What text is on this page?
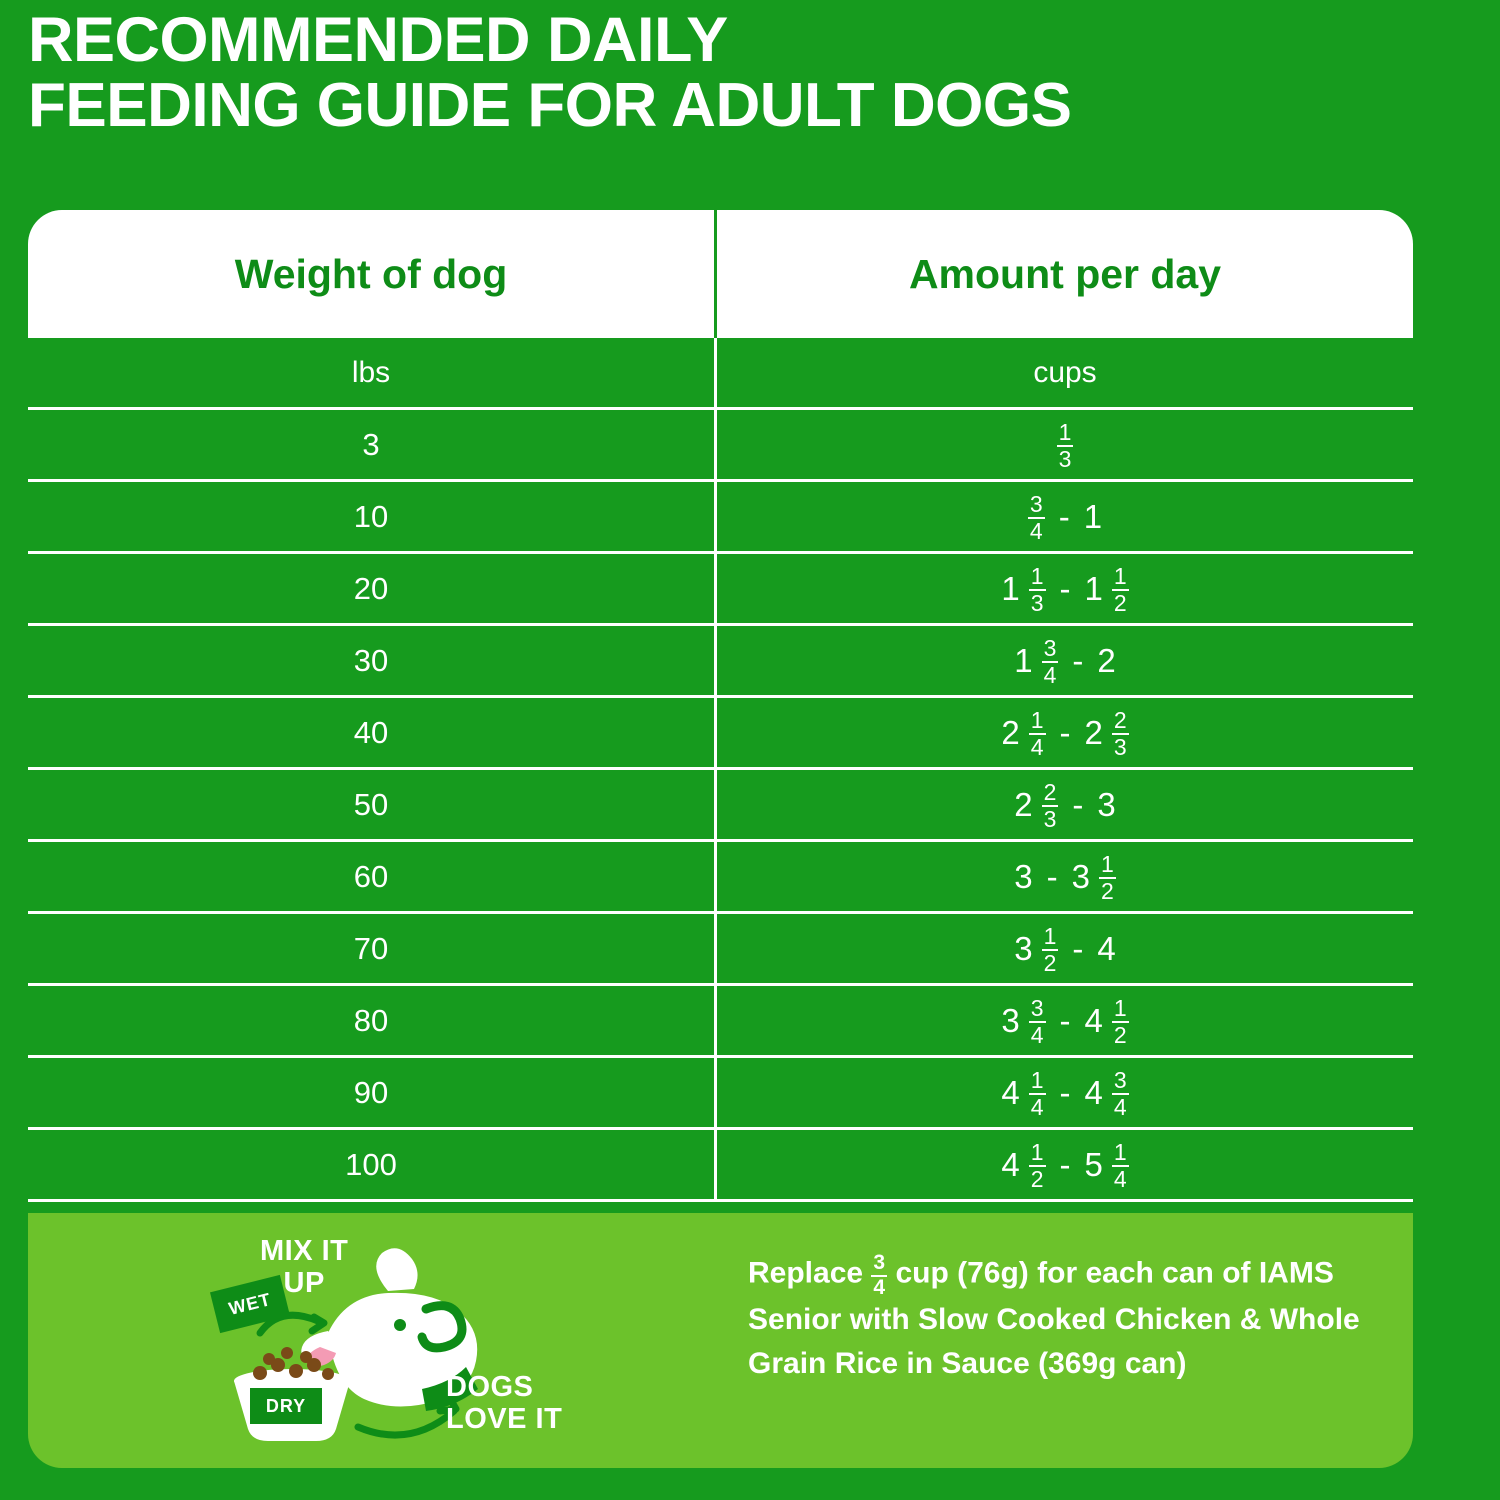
RECOMMENDED DAILY
FEEDING GUIDE FOR ADULT DOGS
Weight of dog	Amount per day
lbs	cups
3	$\frac{1}{3}$
10	$\frac{3}{4} - 1$
20	$1 \frac{1}{3} - 1 \frac{1}{2}$
30	$1 \frac{3}{4} - 2$
40	$2 \frac{1}{4} - 2 \frac{2}{3}$
50	$2 \frac{2}{3} - 3$
60	$3 - 3 \frac{1}{2}$
70	$3 \frac{1}{2} - 4$
80	$3 \frac{3}{4} - 4 \frac{1}{2}$
90	$4 \frac{1}{4} - 4 \frac{3}{4}$
100	$4 \frac{1}{2} - 5 \frac{1}{4}$
MIX IT
UP
WET
DRY
DOGS
LOVE IT
Replace $\frac{3}{4}$ cup (76g) for each can of IAMS Senior with Slow Cooked Chicken & Whole Grain Rice in Sauce (369g can)
